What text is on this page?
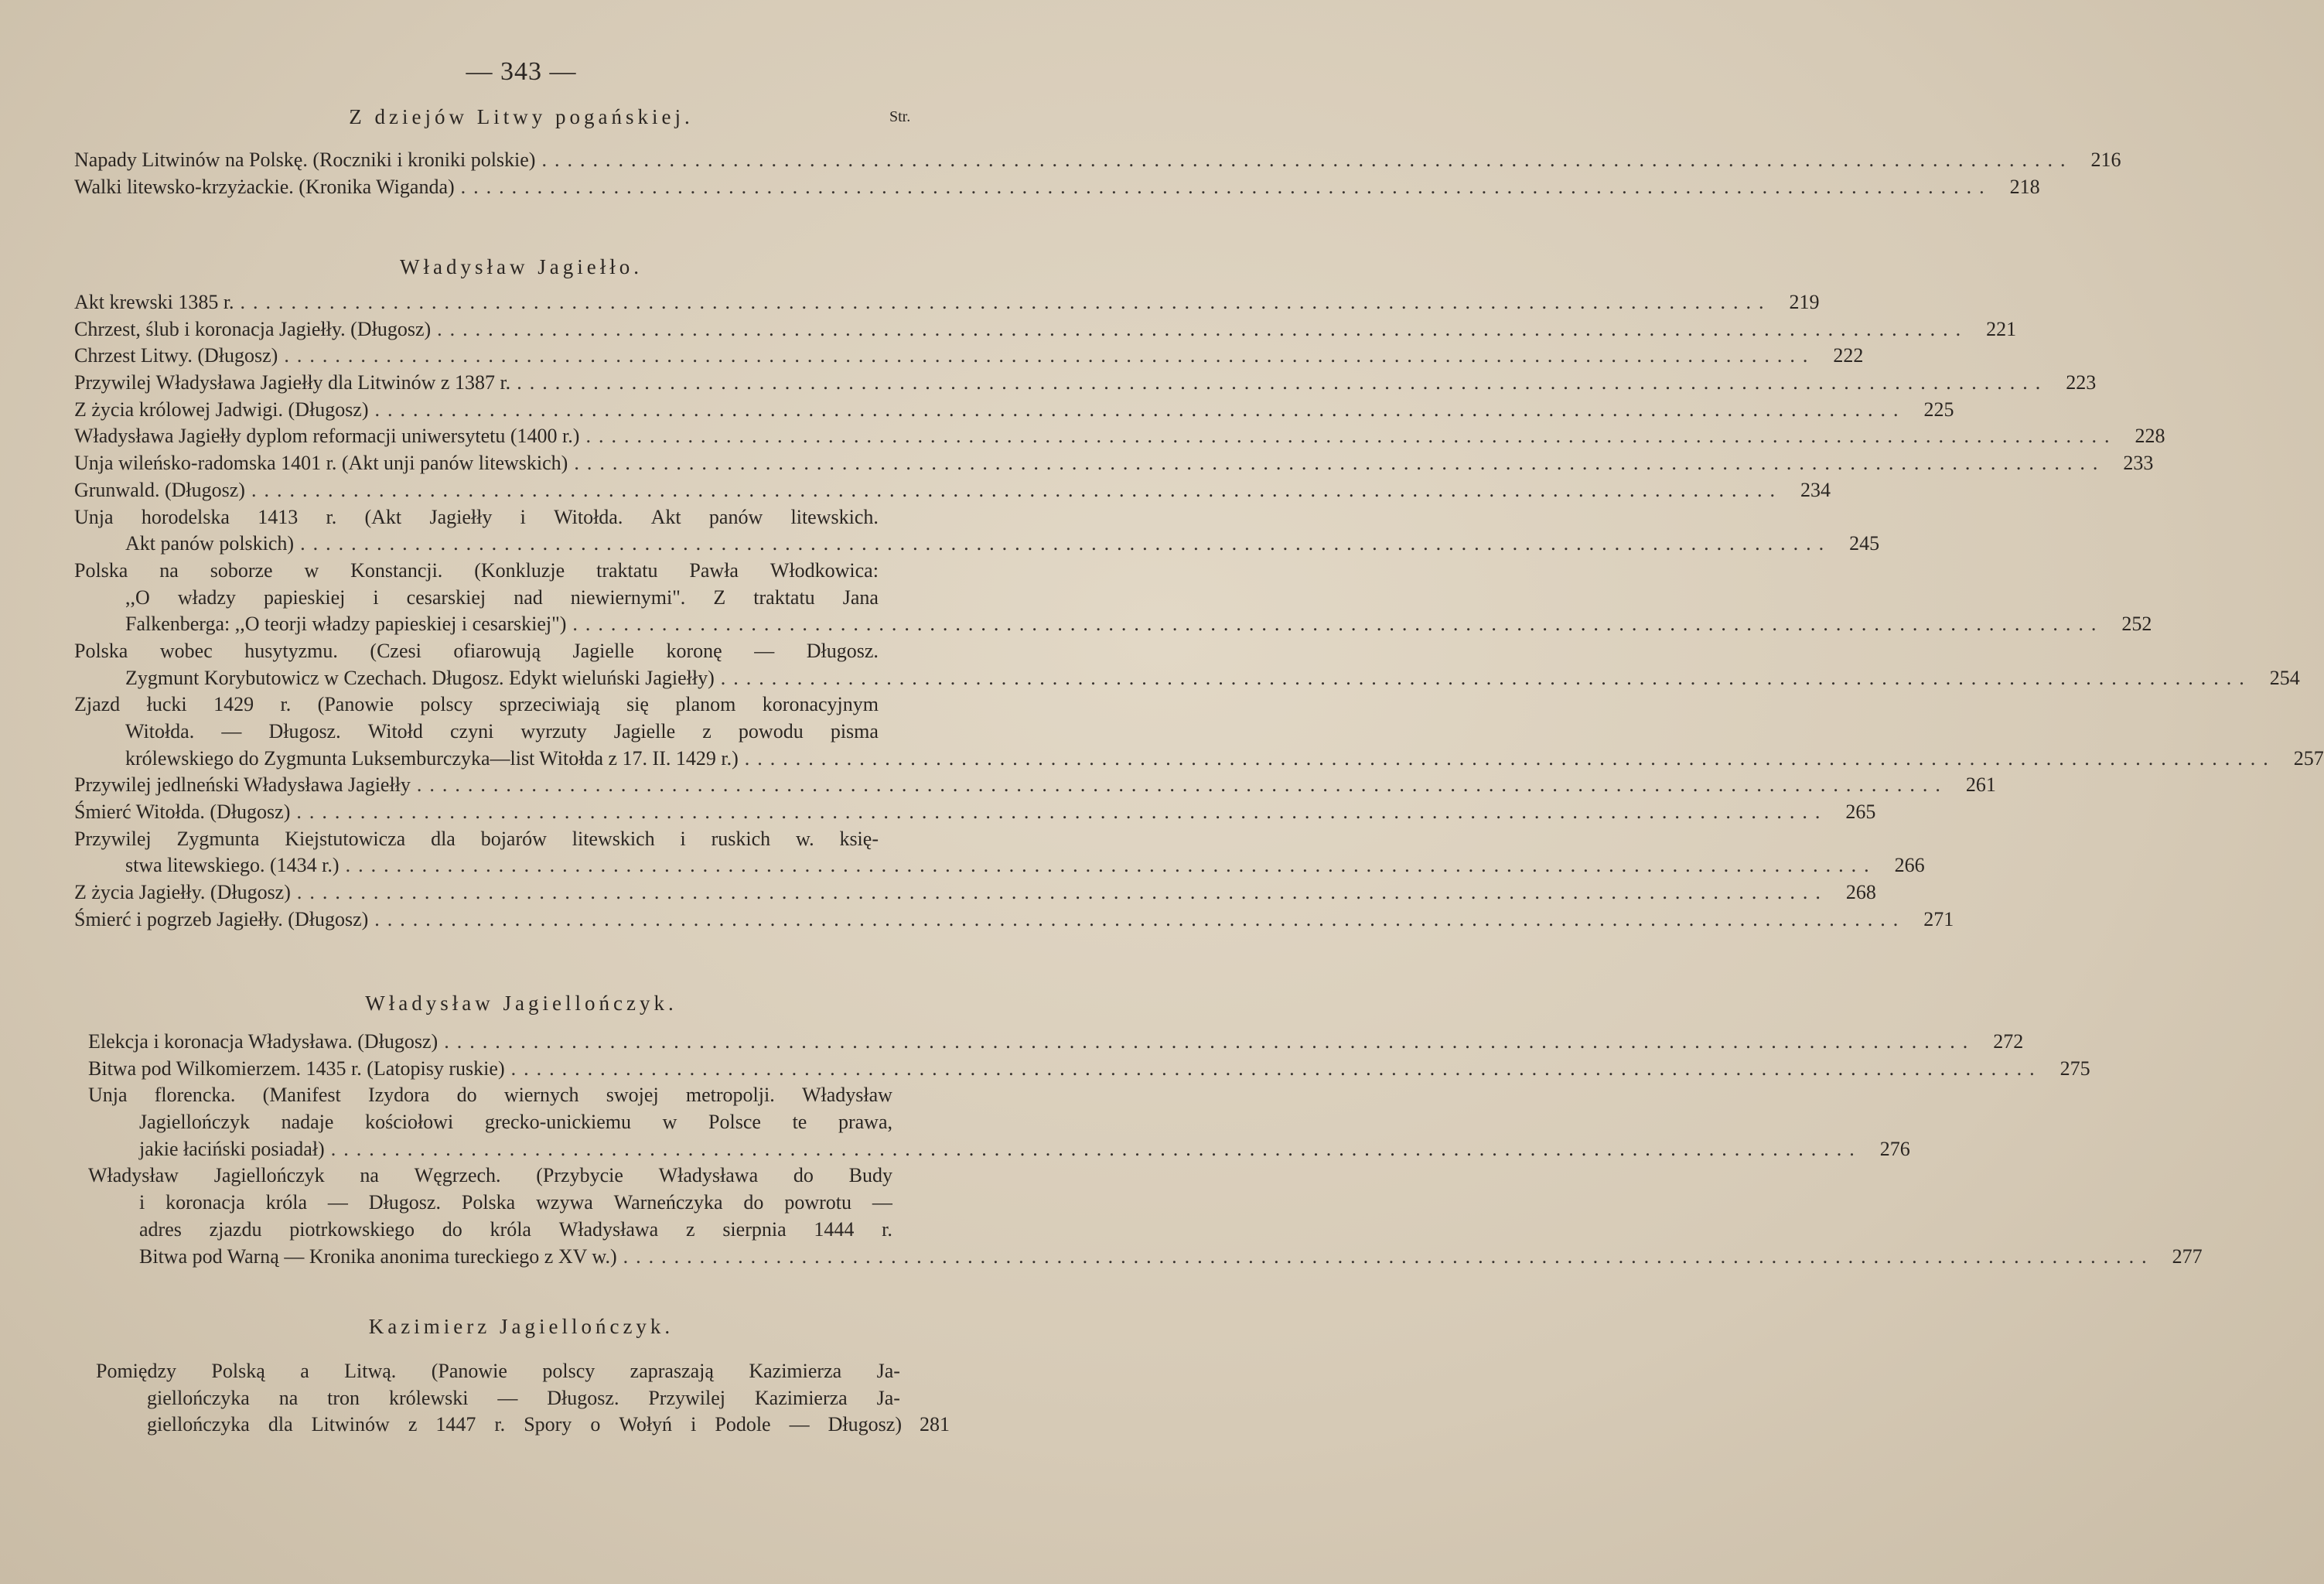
— 343 —
Str.
Z dziejów Litwy pogańskiej.
Napady Litwinów na Polskę. (Roczniki i kroniki polskie) ........................................................................................................................ 216
Walki litewsko-krzyżackie. (Kronika Wiganda) ........................................................................................................................ 218
Władysław Jagiełło.
Akt krewski 1385 r. ........................................................................................................................ 219
Chrzest, ślub i koronacja Jagiełły. (Długosz) ........................................................................................................................ 221
Chrzest Litwy. (Długosz) ........................................................................................................................ 222
Przywilej Władysława Jagiełły dla Litwinów z 1387 r. ........................................................................................................................ 223
Z życia królowej Jadwigi. (Długosz) ........................................................................................................................ 225
Władysława Jagiełły dyplom reformacji uniwersytetu (1400 r.) ........................................................................................................................ 228
Unja wileńsko-radomska 1401 r. (Akt unji panów litewskich) ........................................................................................................................ 233
Grunwald. (Długosz) ........................................................................................................................ 234
Unja horodelska 1413 r. (Akt Jagiełły i Witołda. Akt panów litewskich.
Akt panów polskich) ........................................................................................................................ 245
Polska na soborze w Konstancji. (Konkluzje traktatu Pawła Włodkowica:
,,O władzy papieskiej i cesarskiej nad niewiernymi". Z traktatu Jana
Falkenberga: ,,O teorji władzy papieskiej i cesarskiej") ........................................................................................................................ 252
Polska wobec husytyzmu. (Czesi ofiarowują Jagielle koronę — Długosz.
Zygmunt Korybutowicz w Czechach. Długosz. Edykt wieluński Jagiełły) ........................................................................................................................ 254
Zjazd łucki 1429 r. (Panowie polscy sprzeciwiają się planom koronacyjnym
Witołda. — Długosz. Witołd czyni wyrzuty Jagielle z powodu pisma
królewskiego do Zygmunta Luksemburczyka—list Witołda z 17. II. 1429 r.) ........................................................................................................................ 257
Przywilej jedlneński Władysława Jagiełły ........................................................................................................................ 261
Śmierć Witołda. (Długosz) ........................................................................................................................ 265
Przywilej Zygmunta Kiejstutowicza dla bojarów litewskich i ruskich w. księ-
stwa litewskiego. (1434 r.) ........................................................................................................................ 266
Z życia Jagiełły. (Długosz) ........................................................................................................................ 268
Śmierć i pogrzeb Jagiełły. (Długosz) ........................................................................................................................ 271
Władysław Jagiellończyk.
Elekcja i koronacja Władysława. (Długosz) ........................................................................................................................ 272
Bitwa pod Wilkomierzem. 1435 r. (Latopisy ruskie) ........................................................................................................................ 275
Unja florencka. (Manifest Izydora do wiernych swojej metropolji. Władysław
Jagiellończyk nadaje kościołowi grecko-unickiemu w Polsce te prawa,
jakie łaciński posiadał) ........................................................................................................................ 276
Władysław Jagiellończyk na Węgrzech. (Przybycie Władysława do Budy
i koronacja króla — Długosz. Polska wzywa Warneńczyka do powrotu —
adres zjazdu piotrkowskiego do króla Władysława z sierpnia 1444 r.
Bitwa pod Warną — Kronika anonima tureckiego z XV w.) ........................................................................................................................ 277
Kazimierz Jagiellończyk.
Pomiędzy Polską a Litwą. (Panowie polscy zapraszają Kazimierza Ja-
giellończyka na tron królewski — Długosz. Przywilej Kazimierza Ja-
giellończyka dla Litwinów z 1447 r. Spory o Wołyń i Podole — Długosz) 281
